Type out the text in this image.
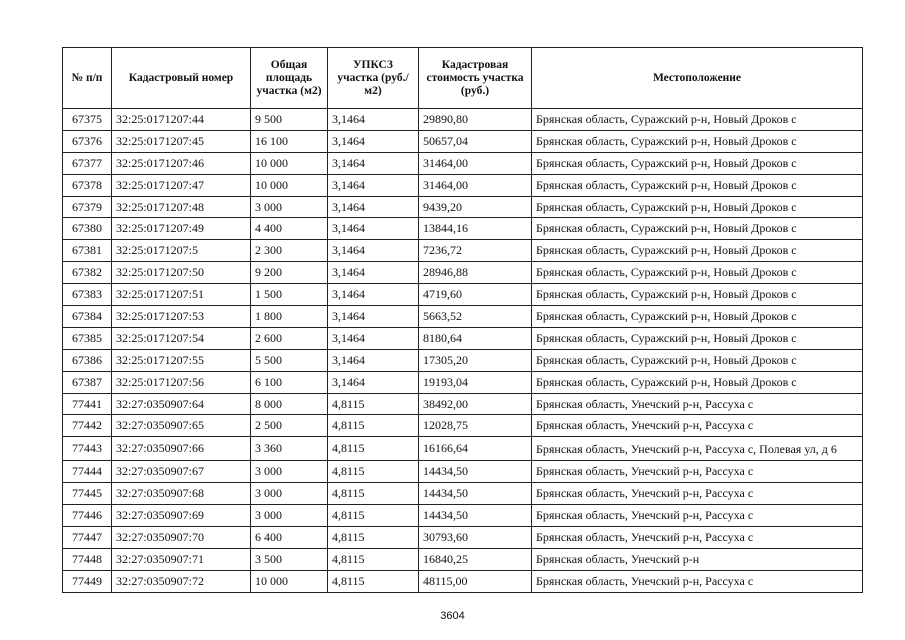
№ п/п	Кадастровый номер	Общая площадь участка (м2)	УПКСЗ участка (руб./м2)	Кадастровая стоимость участка (руб.)	Местоположение
67375	32:25:0171207:44	9 500	3,1464	29890,80	Брянская область, Суражский р-н, Новый Дроков с
67376	32:25:0171207:45	16 100	3,1464	50657,04	Брянская область, Суражский р-н, Новый Дроков с
67377	32:25:0171207:46	10 000	3,1464	31464,00	Брянская область, Суражский р-н, Новый Дроков с
67378	32:25:0171207:47	10 000	3,1464	31464,00	Брянская область, Суражский р-н, Новый Дроков с
67379	32:25:0171207:48	3 000	3,1464	9439,20	Брянская область, Суражский р-н, Новый Дроков с
67380	32:25:0171207:49	4 400	3,1464	13844,16	Брянская область, Суражский р-н, Новый Дроков с
67381	32:25:0171207:5	2 300	3,1464	7236,72	Брянская область, Суражский р-н, Новый Дроков с
67382	32:25:0171207:50	9 200	3,1464	28946,88	Брянская область, Суражский р-н, Новый Дроков с
67383	32:25:0171207:51	1 500	3,1464	4719,60	Брянская область, Суражский р-н, Новый Дроков с
67384	32:25:0171207:53	1 800	3,1464	5663,52	Брянская область, Суражский р-н, Новый Дроков с
67385	32:25:0171207:54	2 600	3,1464	8180,64	Брянская область, Суражский р-н, Новый Дроков с
67386	32:25:0171207:55	5 500	3,1464	17305,20	Брянская область, Суражский р-н, Новый Дроков с
67387	32:25:0171207:56	6 100	3,1464	19193,04	Брянская область, Суражский р-н, Новый Дроков с
77441	32:27:0350907:64	8 000	4,8115	38492,00	Брянская область, Унечский р-н, Рассуха с
77442	32:27:0350907:65	2 500	4,8115	12028,75	Брянская область, Унечский р-н, Рассуха с
77443	32:27:0350907:66	3 360	4,8115	16166,64	Брянская область, Унечский р-н, Рассуха с, Полевая ул, д 6
77444	32:27:0350907:67	3 000	4,8115	14434,50	Брянская область, Унечский р-н, Рассуха с
77445	32:27:0350907:68	3 000	4,8115	14434,50	Брянская область, Унечский р-н, Рассуха с
77446	32:27:0350907:69	3 000	4,8115	14434,50	Брянская область, Унечский р-н, Рассуха с
77447	32:27:0350907:70	6 400	4,8115	30793,60	Брянская область, Унечский р-н, Рассуха с
77448	32:27:0350907:71	3 500	4,8115	16840,25	Брянская область, Унечский р-н
77449	32:27:0350907:72	10 000	4,8115	48115,00	Брянская область, Унечский р-н, Рассуха с
3604
